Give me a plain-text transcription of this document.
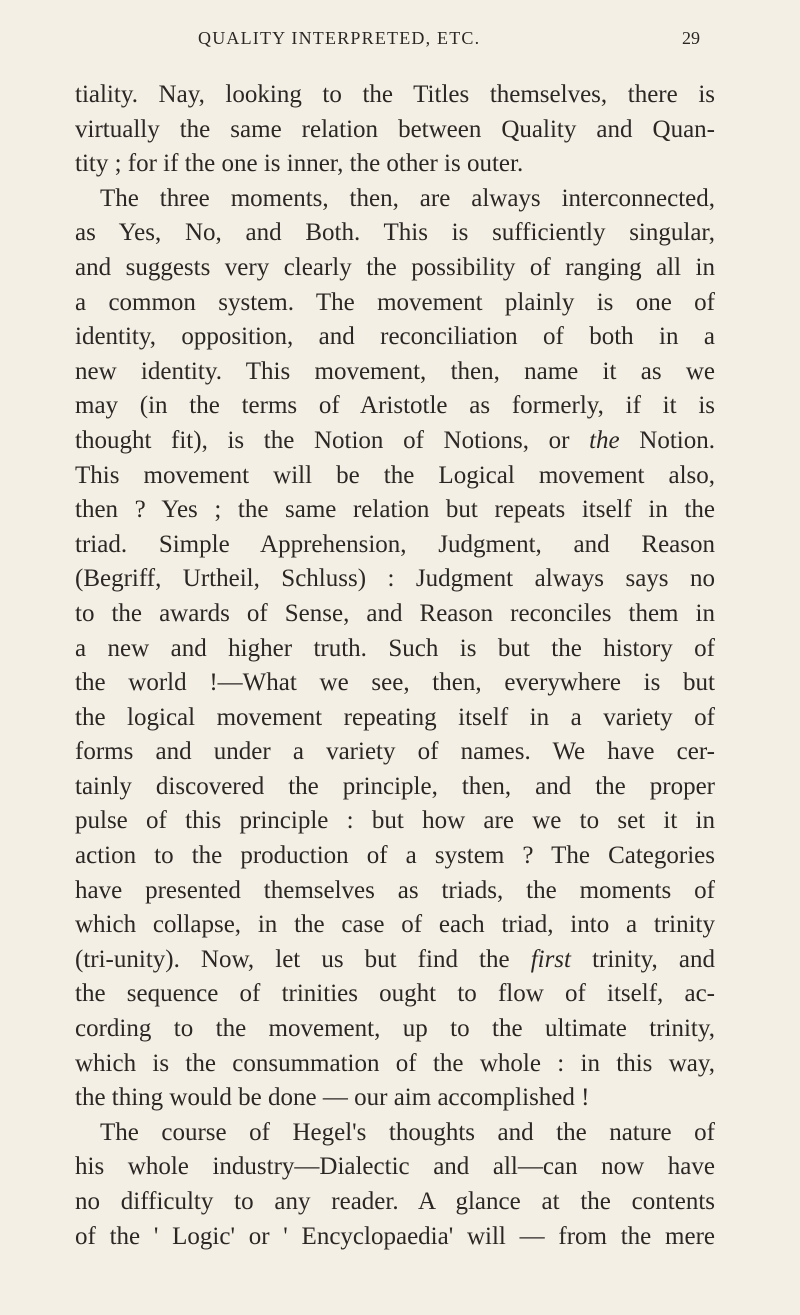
QUALITY INTERPRETED, ETC.	29
tiality. Nay, looking to the Titles themselves, there is
virtually the same relation between Quality and Quan-
tity ; for if the one is inner, the other is outer.
The three moments, then, are always interconnected,
as Yes, No, and Both. This is sufficiently singular,
and suggests very clearly the possibility of ranging all in
a common system. The movement plainly is one of
identity, opposition, and reconciliation of both in a
new identity. This movement, then, name it as we
may (in the terms of Aristotle as formerly, if it is
thought fit), is the Notion of Notions, or the Notion.
This movement will be the Logical movement also,
then ? Yes ; the same relation but repeats itself in the
triad. Simple Apprehension, Judgment, and Reason
(Begriff, Urtheil, Schluss) : Judgment always says no
to the awards of Sense, and Reason reconciles them in
a new and higher truth. Such is but the history of
the world !—What we see, then, everywhere is but
the logical movement repeating itself in a variety of
forms and under a variety of names. We have cer-
tainly discovered the principle, then, and the proper
pulse of this principle : but how are we to set it in
action to the production of a system ? The Categories
have presented themselves as triads, the moments of
which collapse, in the case of each triad, into a trinity
(tri-unity). Now, let us but find the first trinity, and
the sequence of trinities ought to flow of itself, ac-
cording to the movement, up to the ultimate trinity,
which is the consummation of the whole : in this way,
the thing would be done — our aim accomplished !
The course of Hegel's thoughts and the nature of
his whole industry—Dialectic and all—can now have
no difficulty to any reader. A glance at the contents
of the ' Logic' or ' Encyclopaedia' will — from the mere
